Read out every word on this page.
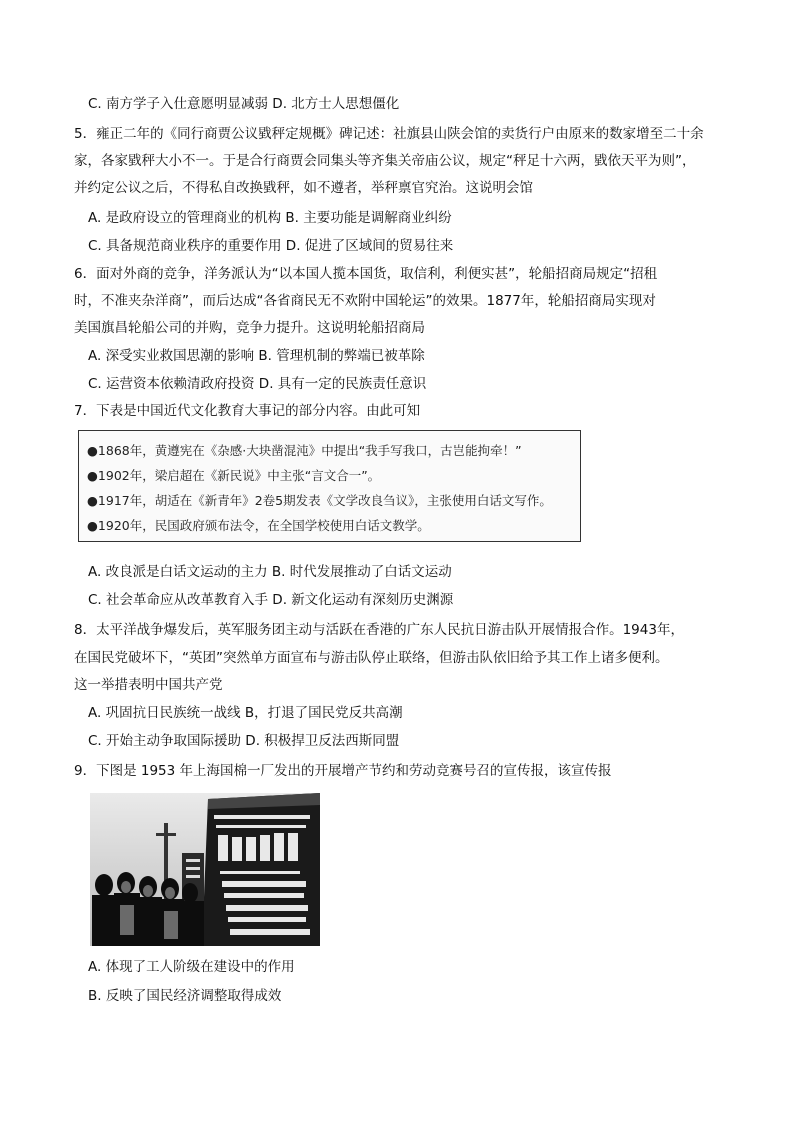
C. 南方学子入仕意愿明显减弱 D. 北方士人思想僵化
5．雍正二年的《同行商贾公议戥秤定规概》碑记述：社旗县山陕会馆的卖货行户由原来的数家增至二十余
家，各家戥秤大小不一。于是合行商贾会同集头等齐集关帝庙公议，规定“秤足十六两，戥依天平为则”，
并约定公议之后，不得私自改换戥秤，如不遵者，举秤禀官究治。这说明会馆
A. 是政府设立的管理商业的机构 B. 主要功能是调解商业纠纷
C. 具备规范商业秩序的重要作用 D. 促进了区域间的贸易往来
6．面对外商的竞争，洋务派认为“以本国人揽本国货，取信利，利便实甚”，轮船招商局规定“招租
时，不准夹杂洋商”，而后达成“各省商民无不欢附中国轮运”的效果。1877年，轮船招商局实现对
美国旗昌轮船公司的并购，竞争力提升。这说明轮船招商局
A. 深受实业救国思潮的影响 B. 管理机制的弊端已被革除
C. 运营资本依赖清政府投资 D. 具有一定的民族责任意识
7．下表是中国近代文化教育大事记的部分内容。由此可知
●1868年，黄遵宪在《杂感·大块凿混沌》中提出“我手写我口，古岂能拘牵！”
●1902年，梁启超在《新民说》中主张“言文合一”。
●1917年，胡适在《新青年》2卷5期发表《文学改良刍议》，主张使用白话文写作。
●1920年，民国政府颁布法令，在全国学校使用白话文教学。
A. 改良派是白话文运动的主力 B. 时代发展推动了白话文运动
C. 社会革命应从改革教育入手 D. 新文化运动有深刻历史渊源
8．太平洋战争爆发后，英军服务团主动与活跃在香港的广东人民抗日游击队开展情报合作。1943年，
在国民党破坏下，“英团”突然单方面宣布与游击队停止联络，但游击队依旧给予其工作上诸多便利。
这一举措表明中国共产党
A. 巩固抗日民族统一战线 B，打退了国民党反共高潮
C. 开始主动争取国际援助 D. 积极捍卫反法西斯同盟
9．下图是 1953 年上海国棉一厂发出的开展增产节约和劳动竞赛号召的宣传报，该宣传报
A. 体现了工人阶级在建设中的作用
B. 反映了国民经济调整取得成效
